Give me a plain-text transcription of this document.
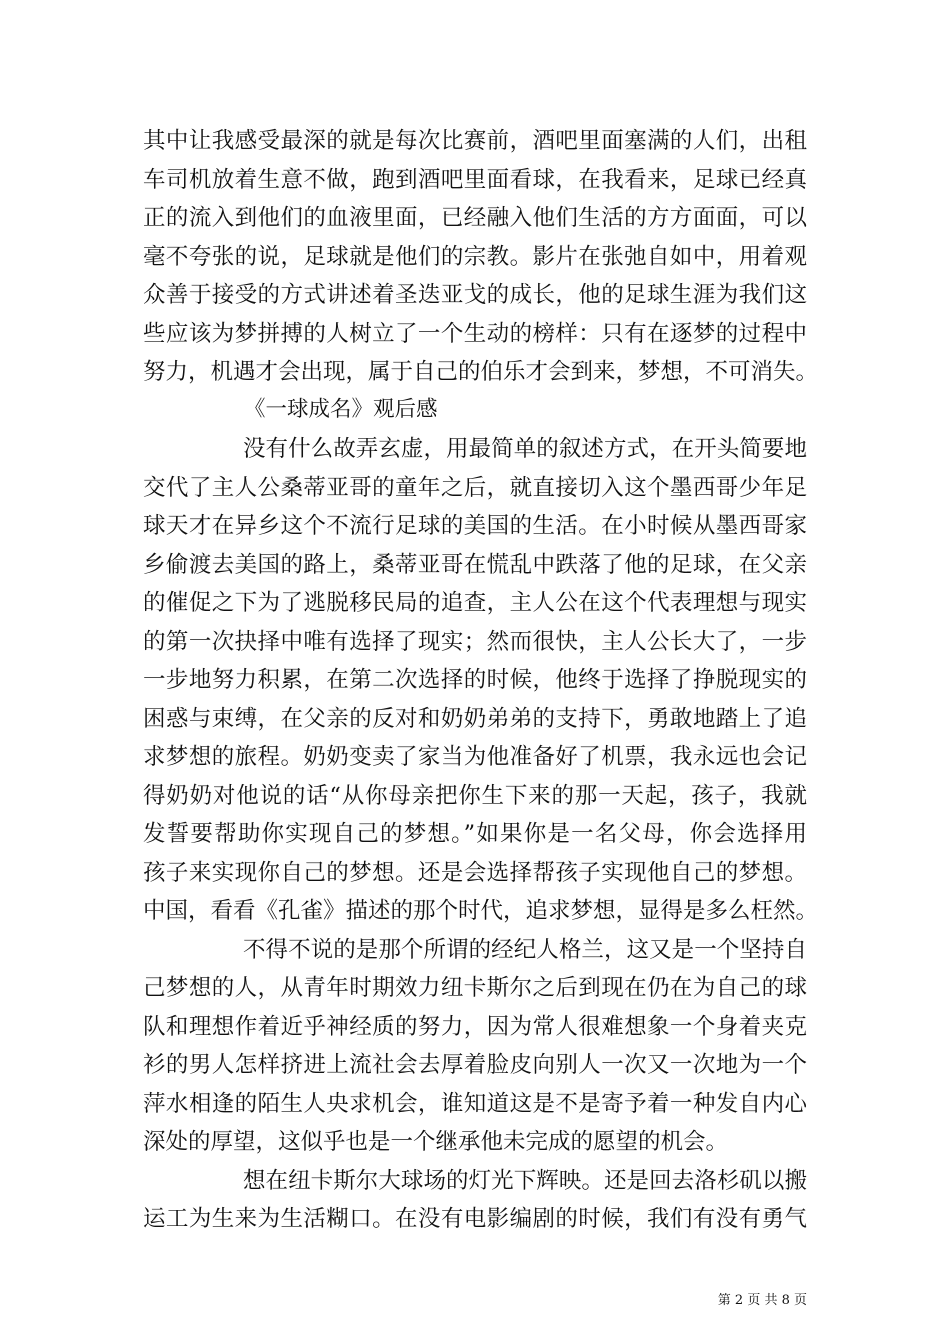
其中让我感受最深的就是每次比赛前，酒吧里面塞满的人们，出租
车司机放着生意不做，跑到酒吧里面看球，在我看来，足球已经真
正的流入到他们的血液里面，已经融入他们生活的方方面面，可以
毫不夸张的说，足球就是他们的宗教。影片在张弛自如中，用着观
众善于接受的方式讲述着圣迭亚戈的成长，他的足球生涯为我们这
些应该为梦拼搏的人树立了一个生动的榜样：只有在逐梦的过程中
努力，机遇才会出现，属于自己的伯乐才会到来，梦想，不可消失。
《一球成名》观后感
没有什么故弄玄虚，用最简单的叙述方式，在开头简要地
交代了主人公桑蒂亚哥的童年之后，就直接切入这个墨西哥少年足
球天才在异乡这个不流行足球的美国的生活。在小时候从墨西哥家
乡偷渡去美国的路上，桑蒂亚哥在慌乱中跌落了他的足球，在父亲
的催促之下为了逃脱移民局的追查，主人公在这个代表理想与现实
的第一次抉择中唯有选择了现实；然而很快，主人公长大了，一步
一步地努力积累，在第二次选择的时候，他终于选择了挣脱现实的
困惑与束缚，在父亲的反对和奶奶弟弟的支持下，勇敢地踏上了追
求梦想的旅程。奶奶变卖了家当为他准备好了机票，我永远也会记
得奶奶对他说的话“从你母亲把你生下来的那一天起，孩子，我就
发誓要帮助你实现自己的梦想。”如果你是一名父母，你会选择用
孩子来实现你自己的梦想。还是会选择帮孩子实现他自己的梦想。
中国，看看《孔雀》描述的那个时代，追求梦想，显得是多么枉然。
不得不说的是那个所谓的经纪人格兰，这又是一个坚持自
己梦想的人，从青年时期效力纽卡斯尔之后到现在仍在为自己的球
队和理想作着近乎神经质的努力，因为常人很难想象一个身着夹克
衫的男人怎样挤进上流社会去厚着脸皮向别人一次又一次地为一个
萍水相逢的陌生人央求机会，谁知道这是不是寄予着一种发自内心
深处的厚望，这似乎也是一个继承他未完成的愿望的机会。
想在纽卡斯尔大球场的灯光下辉映。还是回去洛杉矶以搬
运工为生来为生活糊口。在没有电影编剧的时候，我们有没有勇气
第 2 页 共 8 页
